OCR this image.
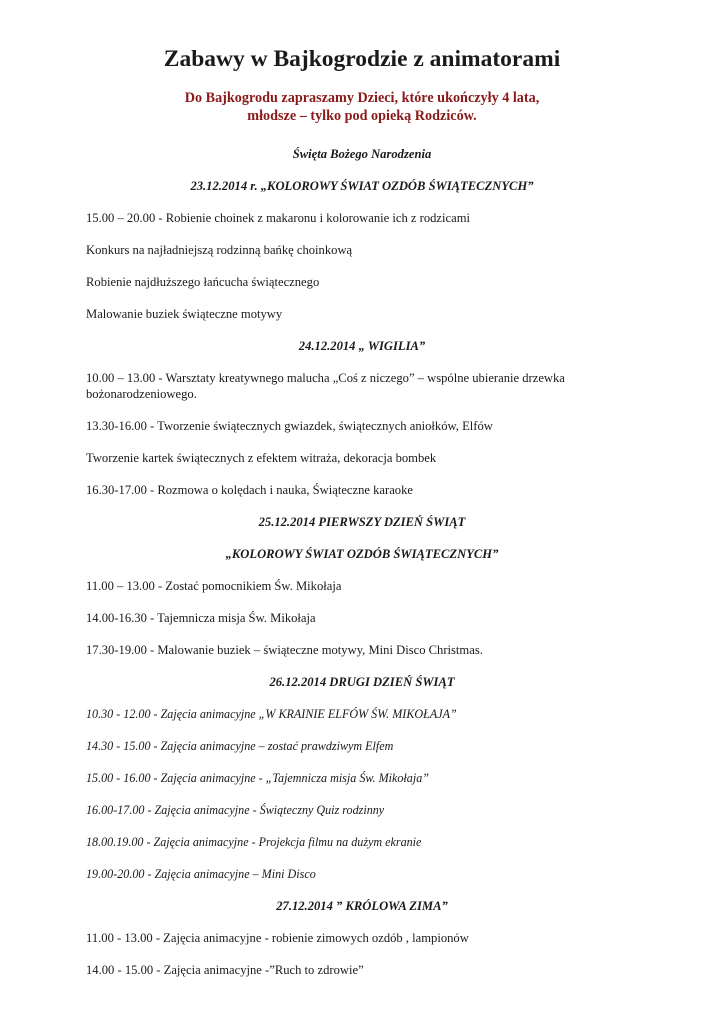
Zabawy w Bajkogrodzie z animatorami
Do Bajkogrodu zapraszamy Dzieci, które ukończyły 4 lata,
młodsze – tylko pod opieką Rodziców.
Święta Bożego Narodzenia
23.12.2014 r. „KOLOROWY ŚWIAT OZDÓB ŚWIĄTECZNYCH”
15.00 – 20.00 - Robienie choinek z makaronu i kolorowanie ich z rodzicami
Konkurs na najładniejszą rodzinną bańkę choinkową
Robienie najdłuższego łańcucha świątecznego
Malowanie buziek świąteczne motywy
24.12.2014 „ WIGILIA”
10.00 – 13.00 - Warsztaty kreatywnego malucha „Coś z niczego” – wspólne ubieranie drzewka bożonarodzeniowego.
13.30-16.00 - Tworzenie świątecznych gwiazdek, świątecznych aniołków, Elfów
Tworzenie kartek świątecznych z efektem witraża, dekoracja bombek
16.30-17.00 - Rozmowa o kolędach i nauka, Świąteczne karaoke
25.12.2014 PIERWSZY DZIEŃ ŚWIĄT
„KOLOROWY ŚWIAT OZDÓB ŚWIĄTECZNYCH”
11.00 – 13.00 - Zostać pomocnikiem Św. Mikołaja
14.00-16.30 - Tajemnicza misja Św. Mikołaja
17.30-19.00 - Malowanie buziek – świąteczne motywy, Mini Disco Christmas.
26.12.2014 DRUGI DZIEŃ ŚWIĄT
10.30 - 12.00 - Zajęcia animacyjne „W KRAINIE ELFÓW ŚW. MIKOŁAJA”
14.30 - 15.00 - Zajęcia animacyjne – zostać prawdziwym Elfem
15.00 - 16.00 - Zajęcia animacyjne - „Tajemnicza misja Św. Mikołaja”
16.00-17.00 - Zajęcia animacyjne - Świąteczny Quiz rodzinny
18.00.19.00 - Zajęcia animacyjne - Projekcja filmu na dużym ekranie
19.00-20.00 - Zajęcia animacyjne – Mini Disco
27.12.2014 ” KRÓLOWA ZIMA”
11.00 - 13.00 - Zajęcia animacyjne - robienie zimowych ozdób , lampionów
14.00 - 15.00 - Zajęcia animacyjne -”Ruch to zdrowie”
